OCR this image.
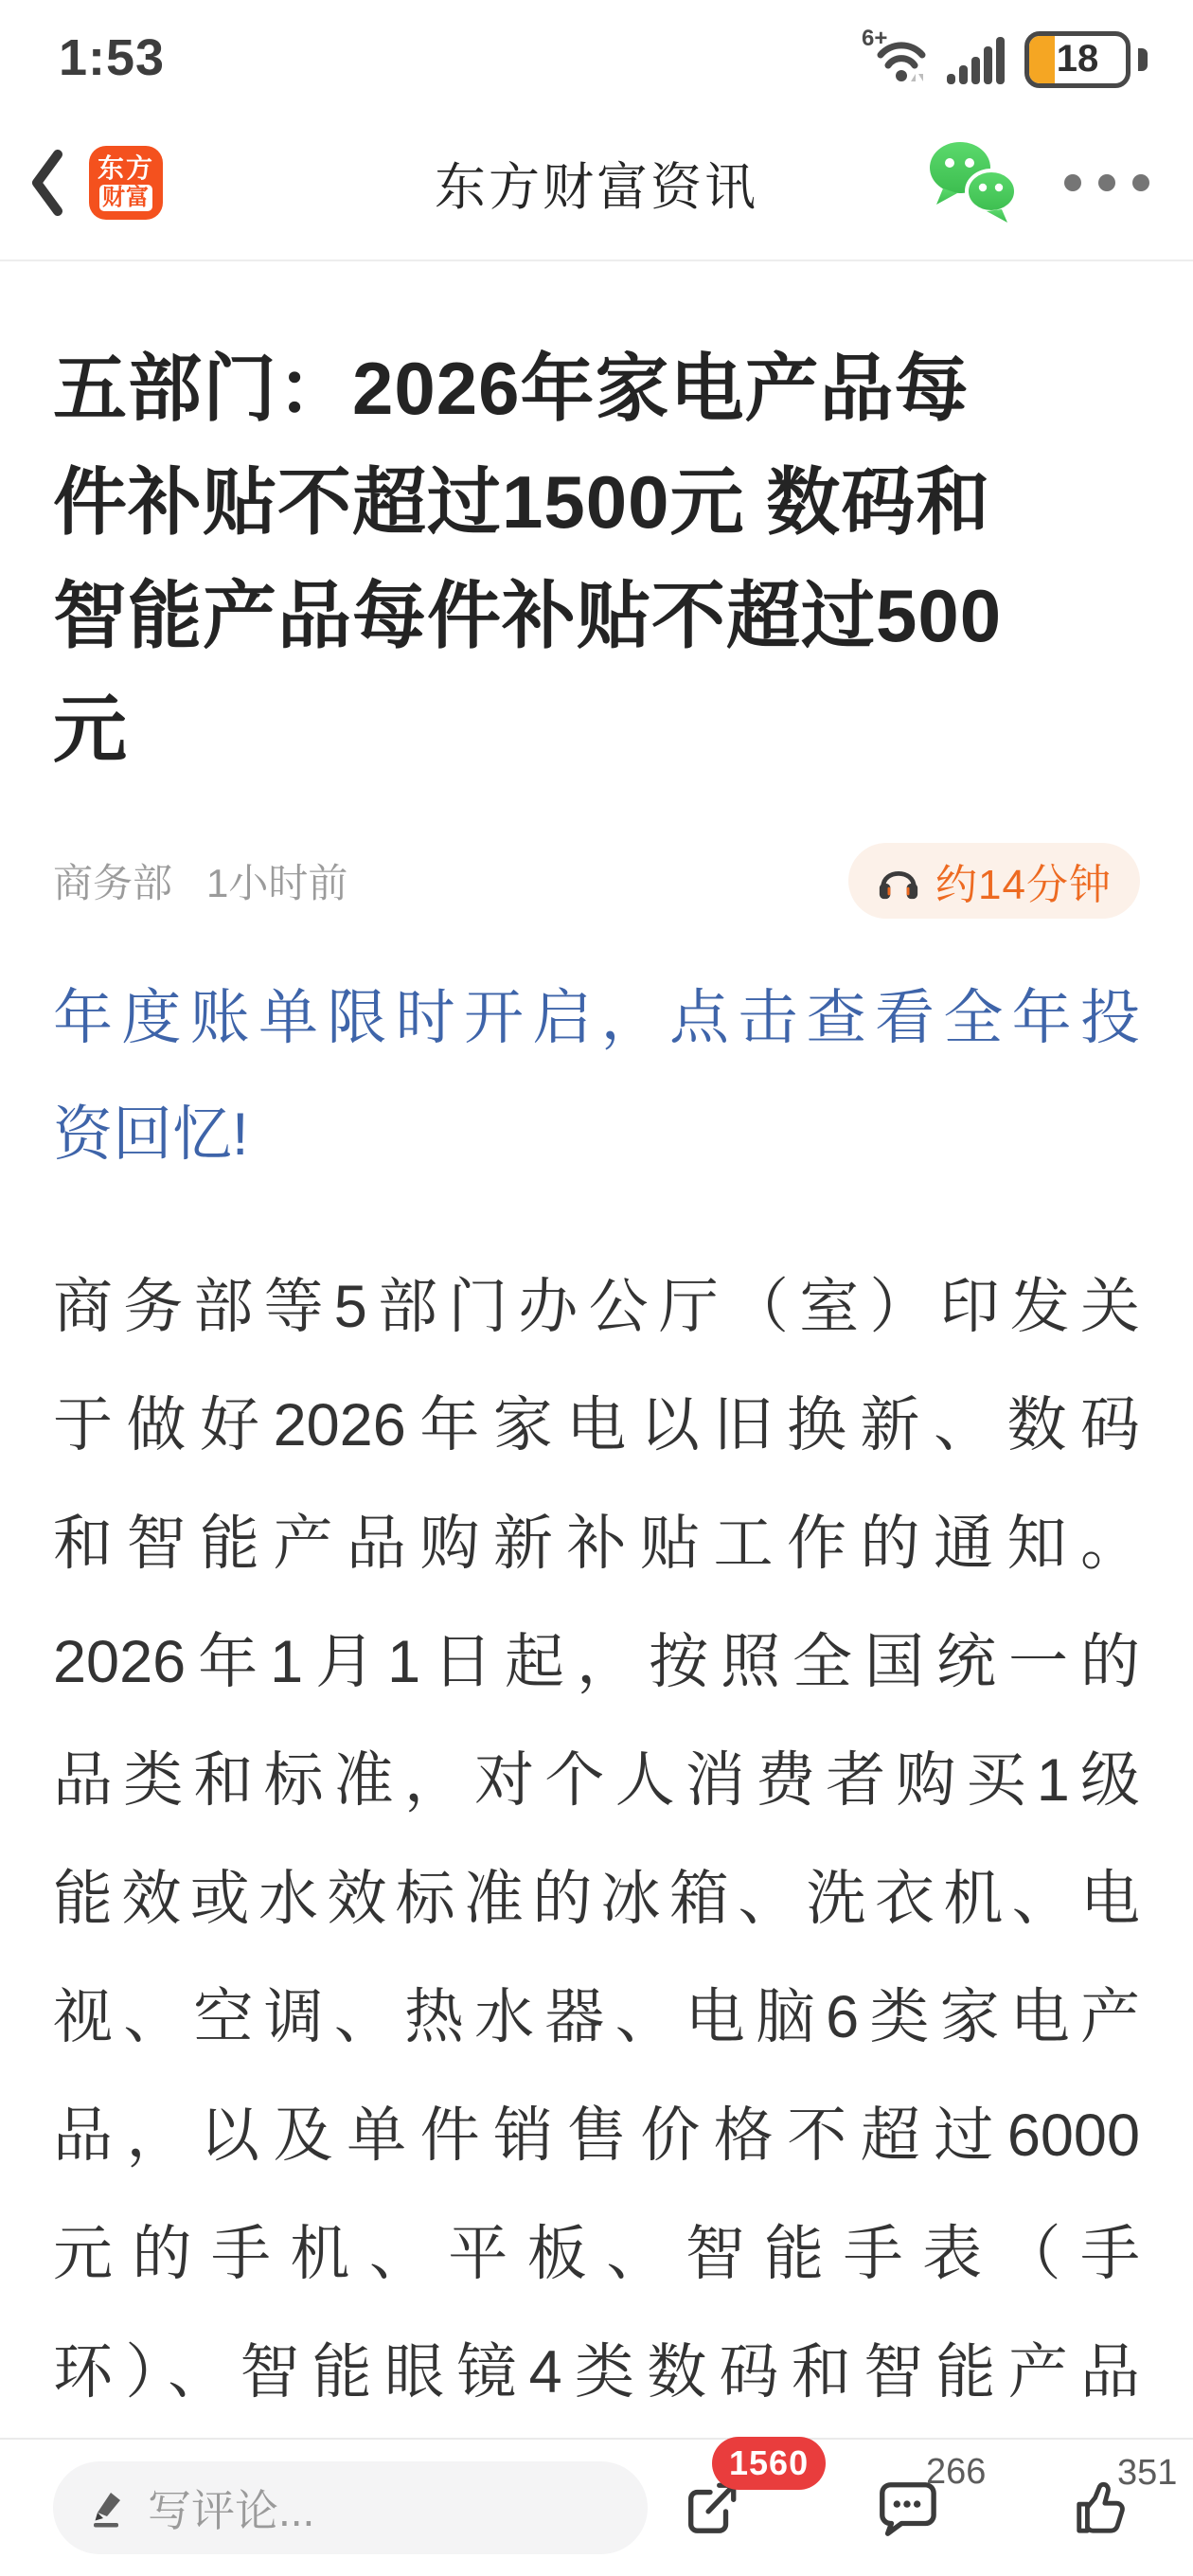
1:53	6+	18
东方
财富	东方财富资讯
五部门：2026年家电产品每
件补贴不超过1500元 数码和
智能产品每件补贴不超过500
元
商务部 1小时前	约14分钟
年度账单限时开启，点击查看全年投
资回忆!
商务部等5部门办公厅（室）印发关
于做好2026年家电以旧换新、数码
和智能产品购新补贴工作的通知。
2026年1月1日起，按照全国统一的
品类和标准，对个人消费者购买1级
能效或水效标准的冰箱、洗衣机、电
视、空调、热水器、电脑6类家电产
品，以及单件销售价格不超过6000
元的手机、平板、智能手表（手
环）、智能眼镜4类数码和智能产品
写评论...
1560	266	351
